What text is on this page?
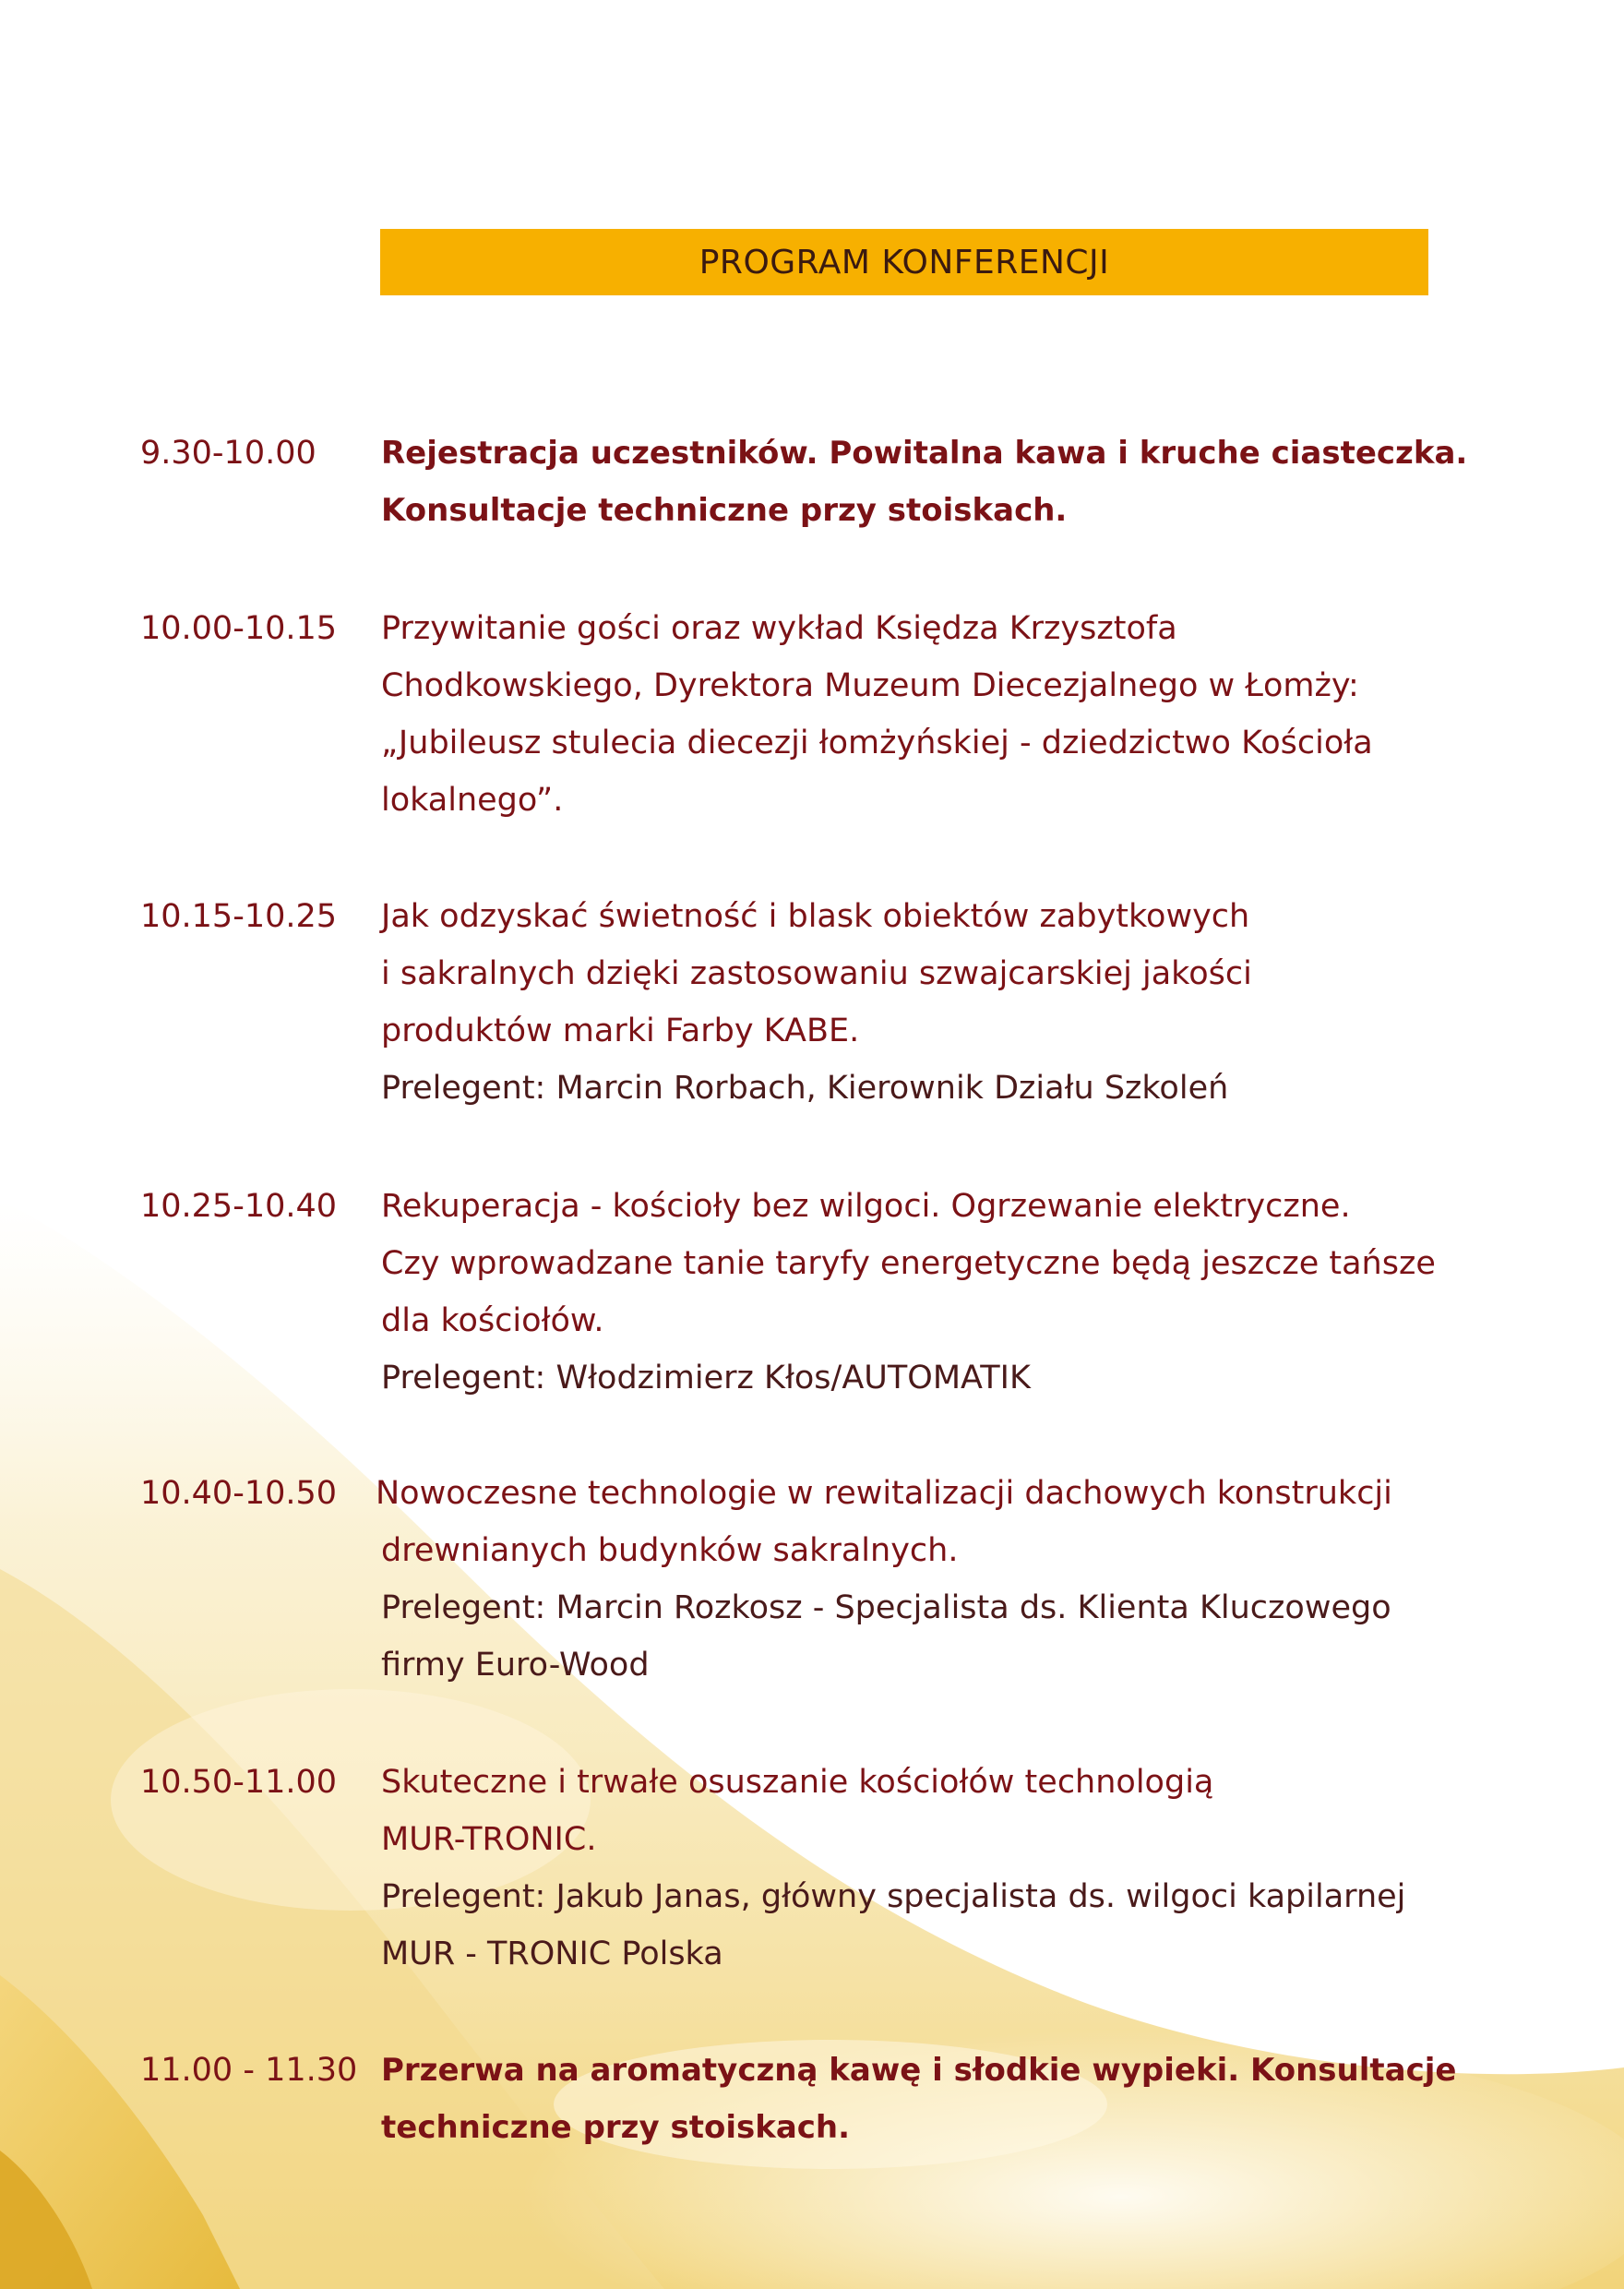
PROGRAM KONFERENCJI
9.30-10.00 Rejestracja uczestników. Powitalna kawa i kruche ciasteczka.
Konsultacje techniczne przy stoiskach.
10.00-10.15 Przywitanie gości oraz wykład Księdza Krzysztofa
Chodkowskiego, Dyrektora Muzeum Diecezjalnego w Łomży:
„Jubileusz stulecia diecezji łomżyńskiej - dziedzictwo Kościoła
lokalnego”.
10.15-10.25 Jak odzyskać świetność i blask obiektów zabytkowych
i sakralnych dzięki zastosowaniu szwajcarskiej jakości
produktów marki Farby KABE.
Prelegent: Marcin Rorbach, Kierownik Działu Szkoleń
10.25-10.40 Rekuperacja - kościoły bez wilgoci. Ogrzewanie elektryczne.
Czy wprowadzane tanie taryfy energetyczne będą jeszcze tańsze
dla kościołów.
Prelegent: Włodzimierz Kłos/AUTOMATIK
10.40-10.50 Nowoczesne technologie w rewitalizacji dachowych konstrukcji
drewnianych budynków sakralnych.
Prelegent: Marcin Rozkosz - Specjalista ds. Klienta Kluczowego
firmy Euro-Wood
10.50-11.00 Skuteczne i trwałe osuszanie kościołów technologią
MUR-TRONIC.
Prelegent: Jakub Janas, główny specjalista ds. wilgoci kapilarnej
MUR - TRONIC Polska
11.00 - 11.30 Przerwa na aromatyczną kawę i słodkie wypieki. Konsultacje
techniczne przy stoiskach.
